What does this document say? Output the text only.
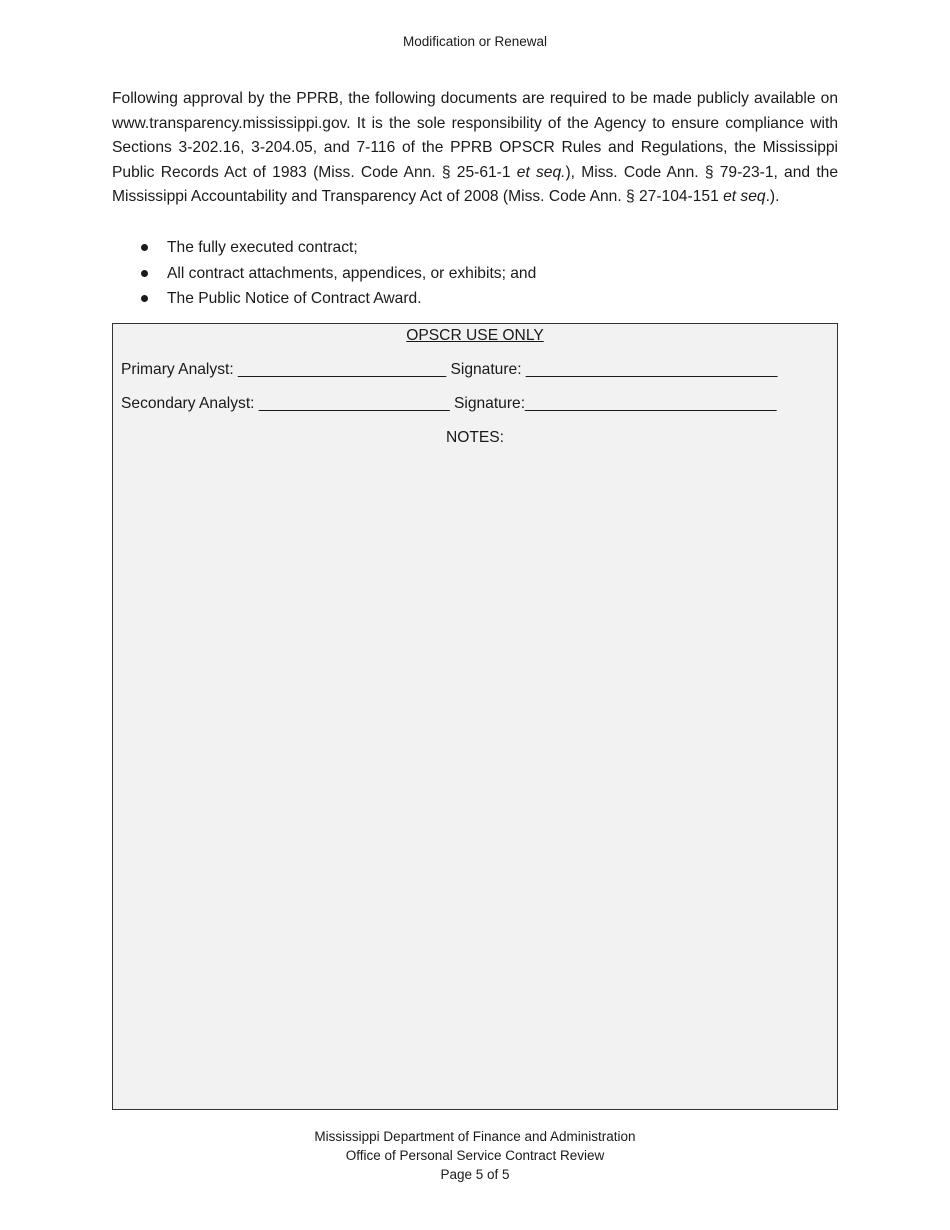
Modification or Renewal

Following approval by the PPRB, the following documents are required to be made publicly available on www.transparency.mississippi.gov. It is the sole responsibility of the Agency to ensure compliance with Sections 3-202.16, 3-204.05, and 7-116 of the PPRB OPSCR Rules and Regulations, the Mississippi Public Records Act of 1983 (Miss. Code Ann. § 25-61-1 et seq.), Miss. Code Ann. § 79-23-1, and the Mississippi Accountability and Transparency Act of 2008 (Miss. Code Ann. § 27-104-151 et seq.).

The fully executed contract;
All contract attachments, appendices, or exhibits; and
The Public Notice of Contract Award.
OPSCR USE ONLY
Primary Analyst: ________________________ Signature: _____________________________
Secondary Analyst: ______________________ Signature:_____________________________
NOTES:
Mississippi Department of Finance and Administration
Office of Personal Service Contract Review
Page 5 of 5
